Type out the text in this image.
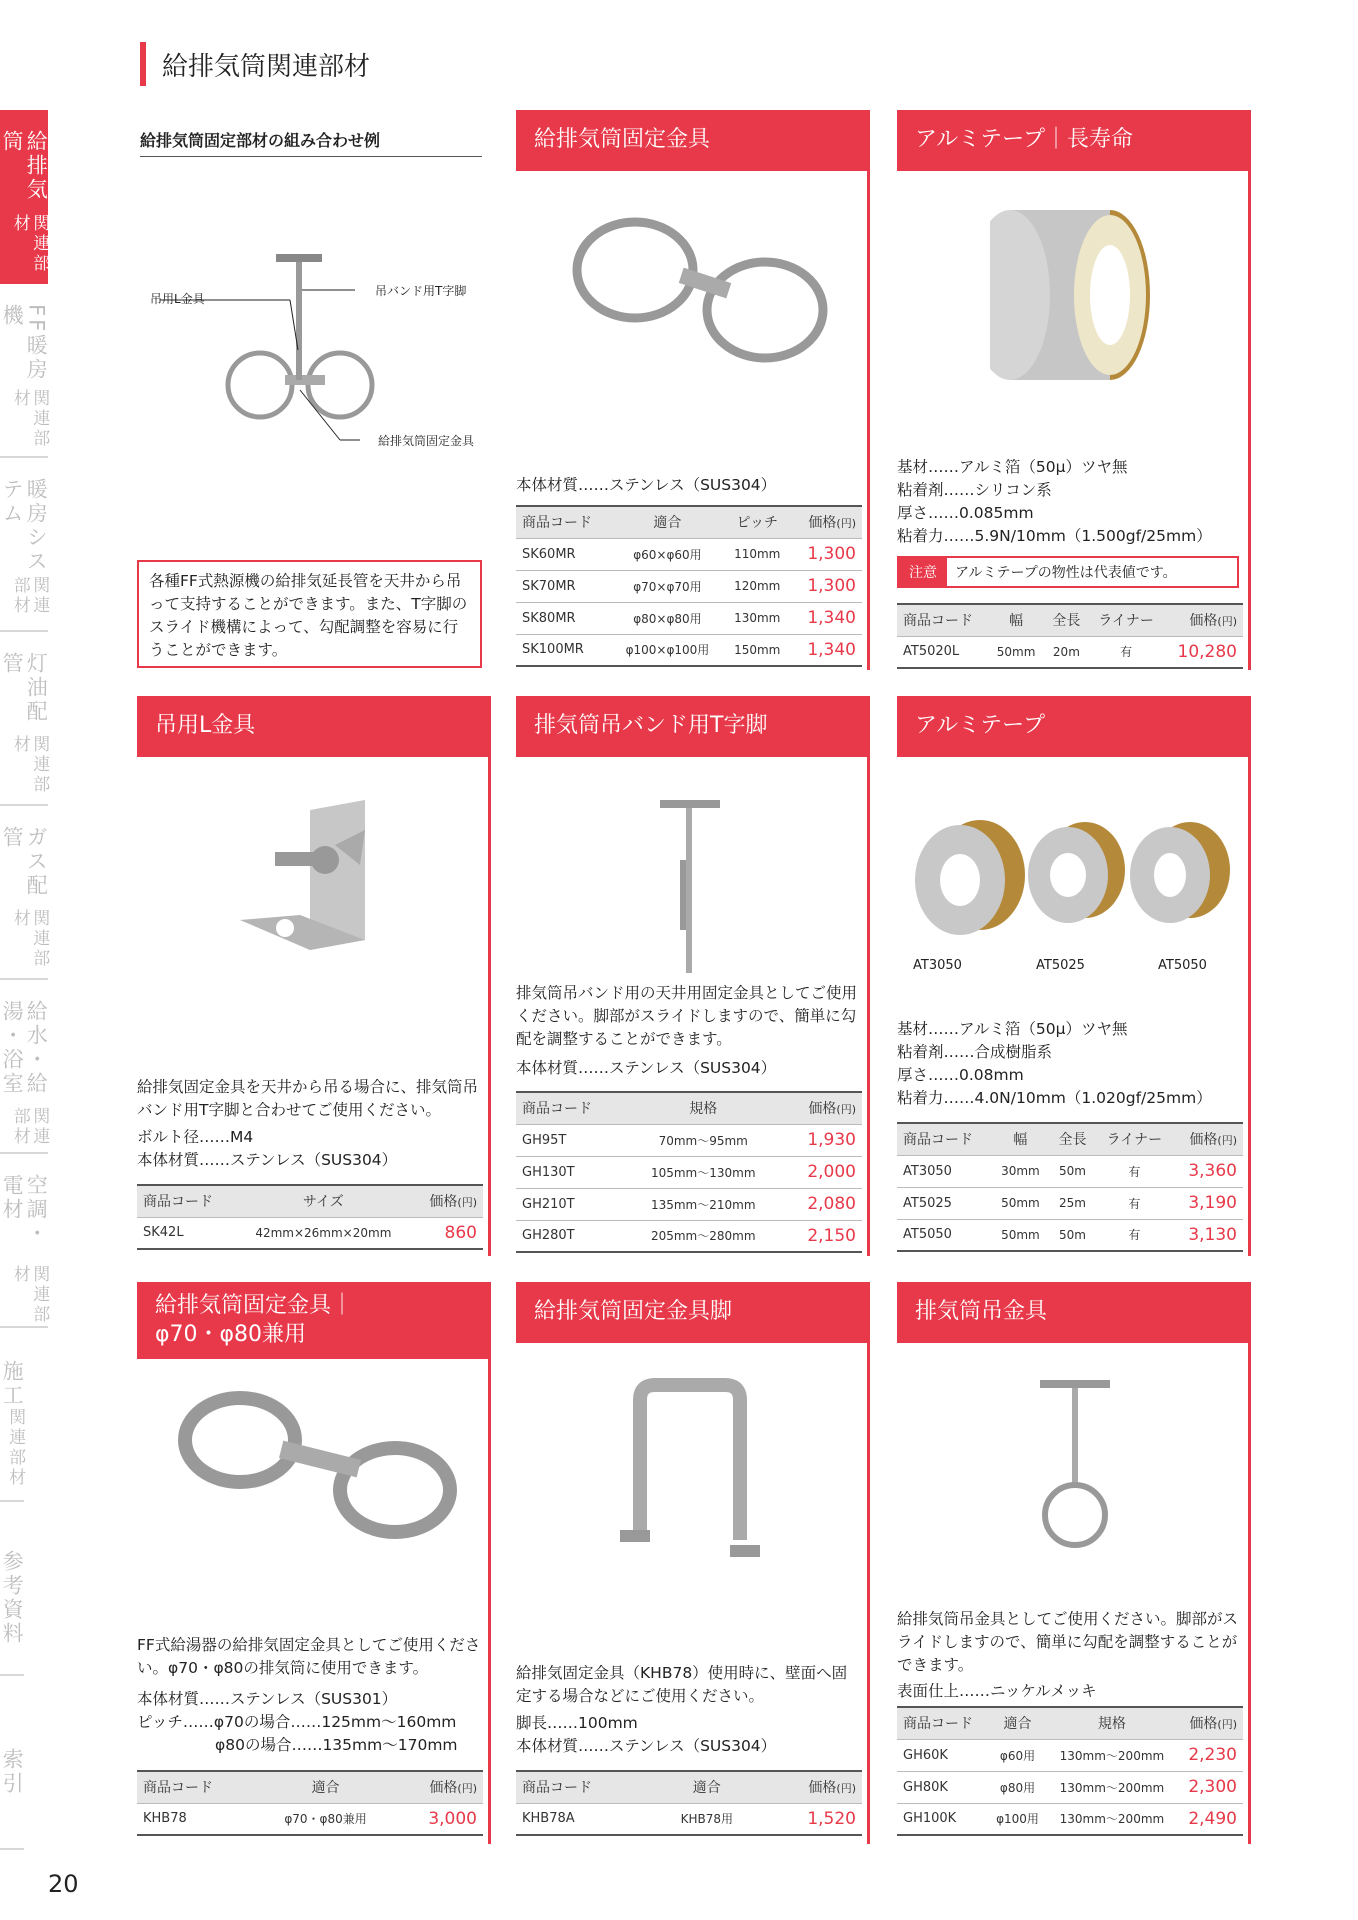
給排気筒関連部材
給排気筒
関連部材
FF暖房機
関連部材
暖房システム
関連部材
灯油配管
関連部材
ガス配管
関連部材
給水・給湯・浴室
関連部材
空調・電材
関連部材
施工
関連部材
参考資料
索引
20
給排気筒固定部材の組み合わせ例
吊用L金具
吊バンド用T字脚
給排気筒固定金具
各種FF式熱源機の給排気延長管を天井から吊って支持することができます。また、T字脚のスライド機構によって、勾配調整を容易に行うことができます。
給排気筒固定金具
本体材質……ステンレス（SUS304）
商品コード	適合	ピッチ	価格(円)
SK60MR	φ60×φ60用	110mm	1,300
SK70MR	φ70×φ70用	120mm	1,300
SK80MR	φ80×φ80用	130mm	1,340
SK100MR	φ100×φ100用	150mm	1,340
アルミテープ｜長寿命
基材……アルミ箔（50μ）ツヤ無
粘着剤……シリコン系
厚さ……0.085mm
粘着力……5.9N/10mm（1.500gf/25mm）
注意	アルミテープの物性は代表値です。
商品コード	幅	全長	ライナー	価格(円)
AT5020L	50mm	20m	有	10,280
吊用L金具
給排気固定金具を天井から吊る場合に、排気筒吊バンド用T字脚と合わせてご使用ください。
ボルト径……M4
本体材質……ステンレス（SUS304）
商品コード	サイズ	価格(円)
SK42L	42mm×26mm×20mm	860
排気筒吊バンド用T字脚
排気筒吊バンド用の天井用固定金具としてご使用ください。脚部がスライドしますので、簡単に勾配を調整することができます。
本体材質……ステンレス（SUS304）
商品コード	規格	価格(円)
GH95T	70mm〜95mm	1,930
GH130T	105mm〜130mm	2,000
GH210T	135mm〜210mm	2,080
GH280T	205mm〜280mm	2,150
アルミテープ
AT3050	AT5025	AT5050
基材……アルミ箔（50μ）ツヤ無
粘着剤……合成樹脂系
厚さ……0.08mm
粘着力……4.0N/10mm（1.020gf/25mm）
商品コード	幅	全長	ライナー	価格(円)
AT3050	30mm	50m	有	3,360
AT5025	50mm	25m	有	3,190
AT5050	50mm	50m	有	3,130
給排気筒固定金具｜
φ70・φ80兼用
FF式給湯器の給排気固定金具としてご使用ください。φ70・φ80の排気筒に使用できます。
本体材質……ステンレス（SUS301）
ピッチ……φ70の場合……125mm〜160mm
φ80の場合……135mm〜170mm
商品コード	適合	価格(円)
KHB78	φ70・φ80兼用	3,000
給排気筒固定金具脚
給排気固定金具（KHB78）使用時に、壁面へ固定する場合などにご使用ください。
脚長……100mm
本体材質……ステンレス（SUS304）
商品コード	適合	価格(円)
KHB78A	KHB78用	1,520
排気筒吊金具
給排気筒吊金具としてご使用ください。脚部がスライドしますので、簡単に勾配を調整することができます。
表面仕上……ニッケルメッキ
商品コード	適合	規格	価格(円)
GH60K	φ60用	130mm〜200mm	2,230
GH80K	φ80用	130mm〜200mm	2,300
GH100K	φ100用	130mm〜200mm	2,490
